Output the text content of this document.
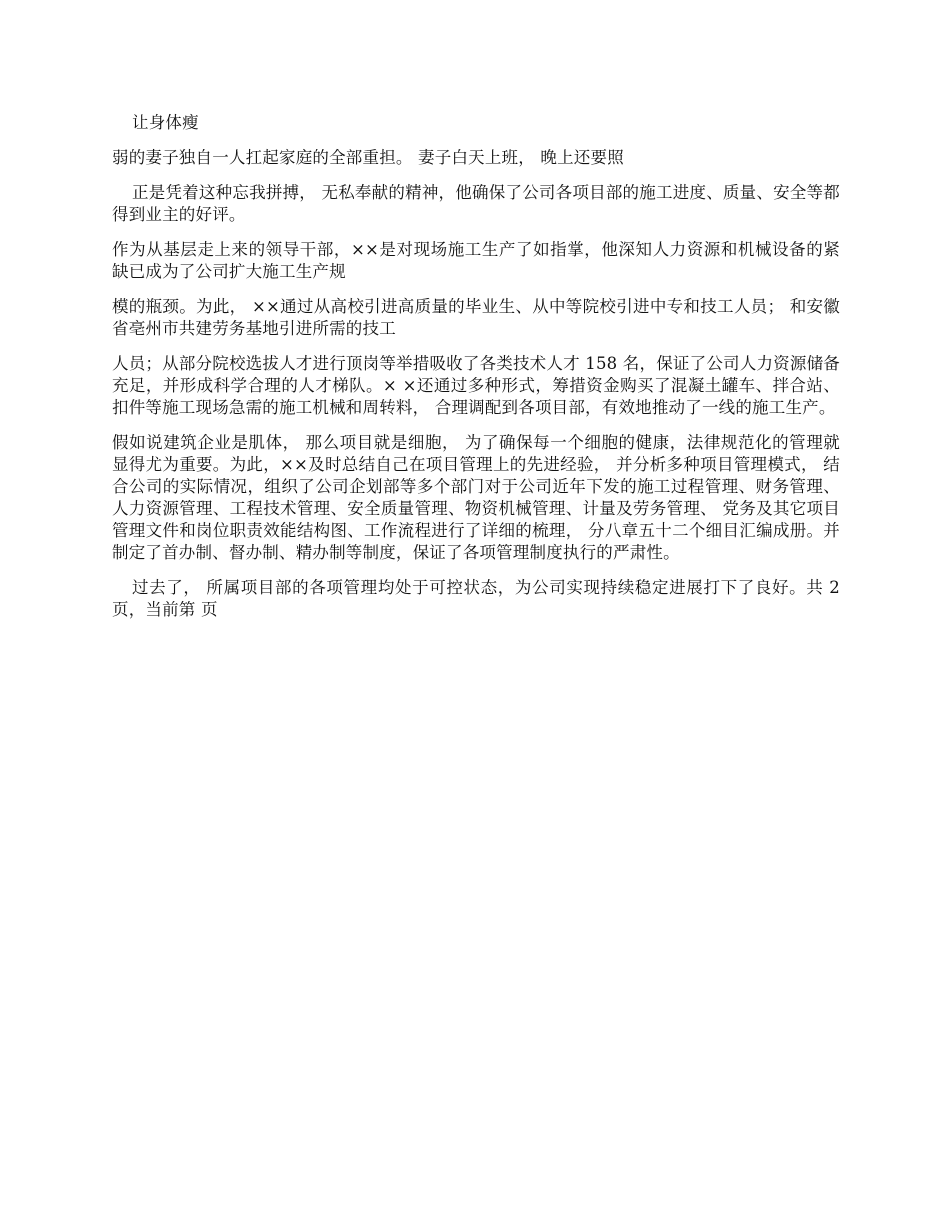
让身体瘦

弱的妻子独自一人扛起家庭的全部重担。 妻子白天上班， 晚上还要照

正是凭着这种忘我拼搏， 无私奉献的精神，他确保了公司各项目部的施工进度、质量、安全等都得到业主的好评。

作为从基层走上来的领导干部，××是对现场施工生产了如指掌，他深知人力资源和机械设备的紧缺已成为了公司扩大施工生产规

模的瓶颈。为此， ××通过从高校引进高质量的毕业生、从中等院校引进中专和技工人员； 和安徽省亳州市共建劳务基地引进所需的技工

人员；从部分院校选拔人才进行顶岗等举措吸收了各类技术人才 158 名，保证了公司人力资源储备充足，并形成科学合理的人才梯队。× ×还通过多种形式，筹措资金购买了混凝土罐车、拌合站、扣件等施工现场急需的施工机械和周转料， 合理调配到各项目部，有效地推动了一线的施工生产。

假如说建筑企业是肌体， 那么项目就是细胞， 为了确保每一个细胞的健康，法律规范化的管理就显得尤为重要。为此，××及时总结自己在项目管理上的先进经验， 并分析多种项目管理模式， 结合公司的实际情况，组织了公司企划部等多个部门对于公司近年下发的施工过程管理、财务管理、人力资源管理、工程技术管理、安全质量管理、物资机械管理、计量及劳务管理、 党务及其它项目管理文件和岗位职责效能结构图、工作流程进行了详细的梳理， 分八章五十二个细目汇编成册。并制定了首办制、督办制、精办制等制度，保证了各项管理制度执行的严肃性。

过去了， 所属项目部的各项管理均处于可控状态，为公司实现持续稳定进展打下了良好。共 2 页，当前第 页
